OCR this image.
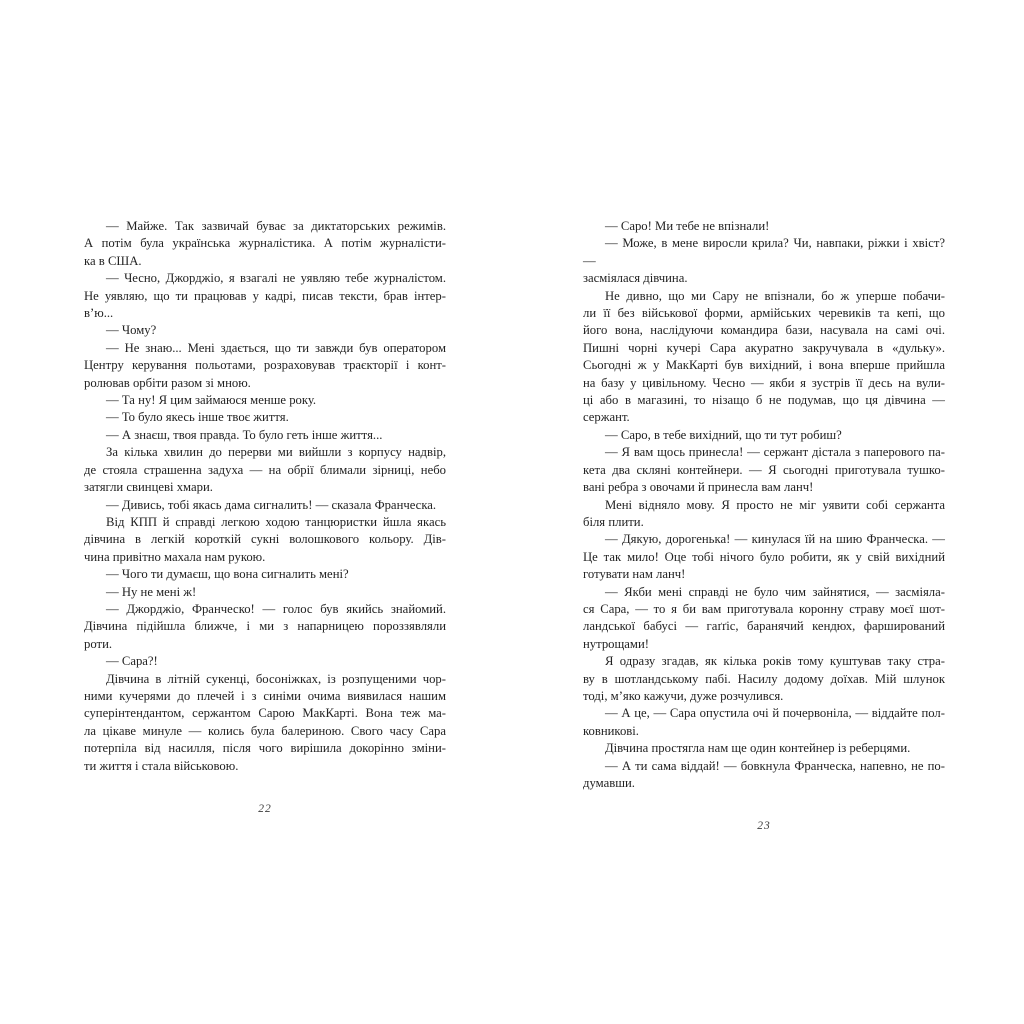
— Майже. Так зазвичай буває за диктаторських режимів.
А потім була українська журналістика. А потім журналісти-
ка в США.
— Чесно, Джорджіо, я взагалі не уявляю тебе журналістом.
Не уявляю, що ти працював у кадрі, писав тексти, брав інтер-
в’ю...
— Чому?
— Не знаю... Мені здається, що ти завжди був оператором
Центру керування польотами, розраховував траєкторії і конт-
ролював орбіти разом зі мною.
— Та ну! Я цим займаюся менше року.
— То було якесь інше твоє життя.
— А знаєш, твоя правда. То було геть інше життя...
За кілька хвилин до перерви ми вийшли з корпусу надвір,
де стояла страшенна задуха — на обрії блимали зірниці, небо
затягли свинцеві хмари.
— Дивись, тобі якась дама сигналить! — сказала Франческа.
Від КПП й справді легкою ходою танцюристки йшла якась
дівчина в легкій короткій сукні волошкового кольору. Дів-
чина привітно махала нам рукою.
— Чого ти думаєш, що вона сигналить мені?
— Ну не мені ж!
— Джорджіо, Франческо! — голос був якийсь знайомий.
Дівчина підійшла ближче, і ми з напарницею пороззявляли
роти.
— Сара?!
Дівчина в літній сукенці, босоніжках, із розпущеними чор-
ними кучерями до плечей і з синіми очима виявилася нашим
суперінтендантом, сержантом Сарою МакКарті. Вона теж ма-
ла цікаве минуле — колись була балериною. Свого часу Сара
потерпіла від насилля, після чого вирішила докорінно зміни-
ти життя і стала військовою.
22
— Саро! Ми тебе не впізнали!
— Може, в мене виросли крила? Чи, навпаки, ріжки і хвіст? —
засміялася дівчина.
Не дивно, що ми Сару не впізнали, бо ж уперше побачи-
ли її без військової форми, армійських черевиків та кепі, що
його вона, наслідуючи командира бази, насувала на самі очі.
Пишні чорні кучері Сара акуратно закручувала в «дульку».
Сьогодні ж у МакКарті був вихідний, і вона вперше прийшла
на базу у цивільному. Чесно — якби я зустрів її десь на вули-
ці або в магазині, то нізащо б не подумав, що ця дівчина —
сержант.
— Саро, в тебе вихідний, що ти тут робиш?
— Я вам щось принесла! — сержант дістала з паперового па-
кета два скляні контейнери. — Я сьогодні приготувала тушко-
вані ребра з овочами й принесла вам ланч!
Мені відняло мову. Я просто не міг уявити собі сержанта
біля плити.
— Дякую, дорогенька! — кинулася їй на шию Франческа. —
Це так мило! Оце тобі нічого було робити, як у свій вихідний
готувати нам ланч!
— Якби мені справді не було чим зайнятися, — засміяла-
ся Сара, — то я би вам приготувала коронну страву моєї шот-
ландської бабусі — гаґґіс, баранячий кендюх, фарширований
нутрощами!
Я одразу згадав, як кілька років тому куштував таку стра-
ву в шотландському пабі. Насилу додому доїхав. Мій шлунок
тоді, м’яко кажучи, дуже розчулився.
— А це, — Сара опустила очі й почервоніла, — віддайте пол-
ковникові.
Дівчина простягла нам ще один контейнер із реберцями.
— А ти сама віддай! — бовкнула Франческа, напевно, не по-
думавши.
23
